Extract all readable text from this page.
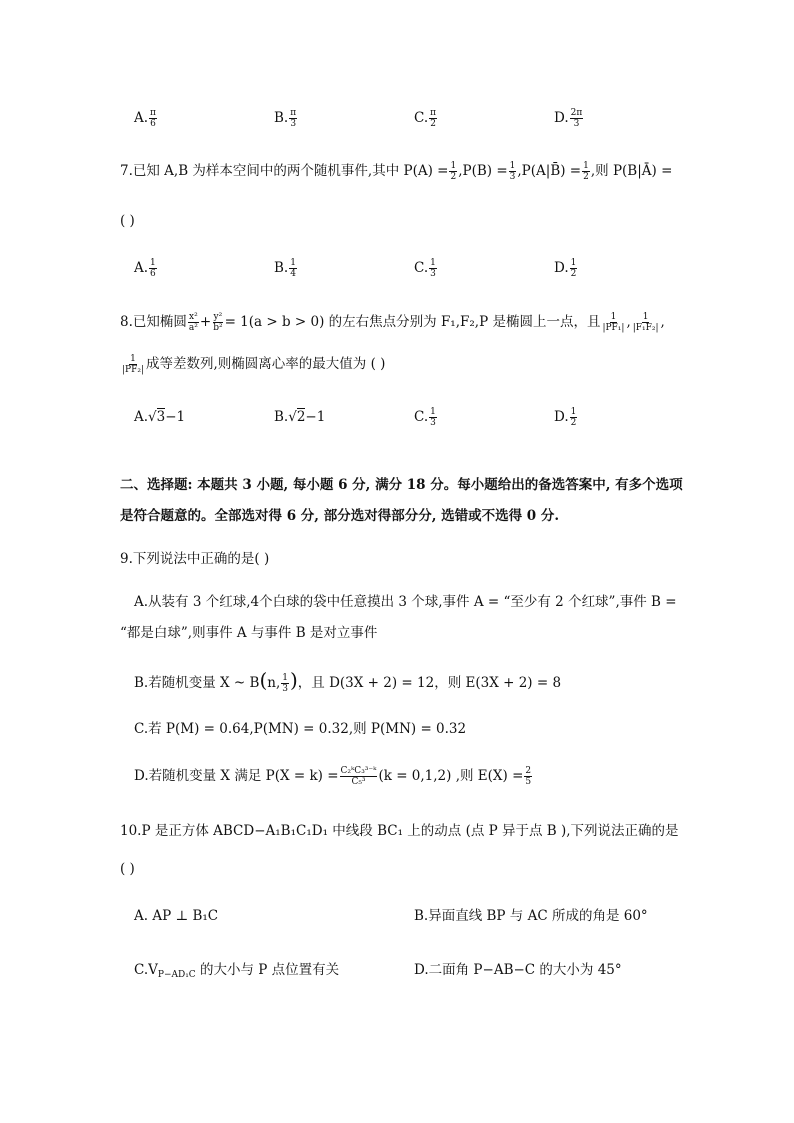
A. $\frac{\pi}{6}$	B. $\frac{\pi}{3}$	C. $\frac{\pi}{2}$	D. $\frac{2\pi}{3}$
7.已知 A,B 为样本空间中的两个随机事件,其中 $P(A) = \frac{1}{2} ,P(B) = \frac{1}{3}$ ,P(A|B̄) = $\frac{1}{2}$ ,则 P(B|Ā) =
( )
A. $\frac{1}{6}$	B. $\frac{1}{4}$	C. $\frac{1}{3}$	D. $\frac{1}{2}$
8.已知椭圆 $\frac{\text{x²}}{\text{a²}} + \frac{\text{y²}}{\text{b²}} = 1(a > b > 0)$ 的左右焦点分别为 F₁,F₂,P 是椭圆上一点，且 $\frac{1}{\text{|PF₁|}}$ , $\frac{1}{\text{|F₁F₂|}}$ ,
$\frac{1}{\text{|PF₂|}}$ 成等差数列,则椭圆离心率的最大值为 ( )
A.√3−1	B.√2−1	C. $\frac{1}{3}$	D. $\frac{1}{2}$
二、选择题: 本题共 3 小题, 每小题 6 分, 满分 18 分。每小题给出的备选答案中, 有多个选项
是符合题意的。全部选对得 6 分, 部分选对得部分分, 选错或不选得 0 分.
9.下列说法中正确的是( )
A.从装有 3 个红球,4个白球的袋中任意摸出 3 个球,事件 A = “至少有 2 个红球”,事件 B =
“都是白球”,则事件 A 与事件 B 是对立事件
B.若随机变量 X ~ B(n, $\frac{1}{3}$ )，且 D(3X + 2) = 12，则 E(3X + 2) = 8
C.若 P(M) = 0.64,P(MN) = 0.32,则 P(MN) = 0.32
D.若随机变量 X 满足 $P(X = k) = \frac{\text{C₂ᵏC₃³⁻ᵏ}}{\text{C₅³}} (k = 0,1,2)$ ,则 $E(X) = \frac{2}{5}$
10.P 是正方体 ABCD−A₁B₁C₁D₁ 中线段 BC₁ 上的动点 (点 P 异于点 B ),下列说法正确的是
( )
A. AP ⊥ B₁C	B.异面直线 BP 与 AC 所成的角是 60°
$C.V_{P-AD_1C}$ 的大小与 P 点位置有关	D.二面角 P−AB−C 的大小为 45°
